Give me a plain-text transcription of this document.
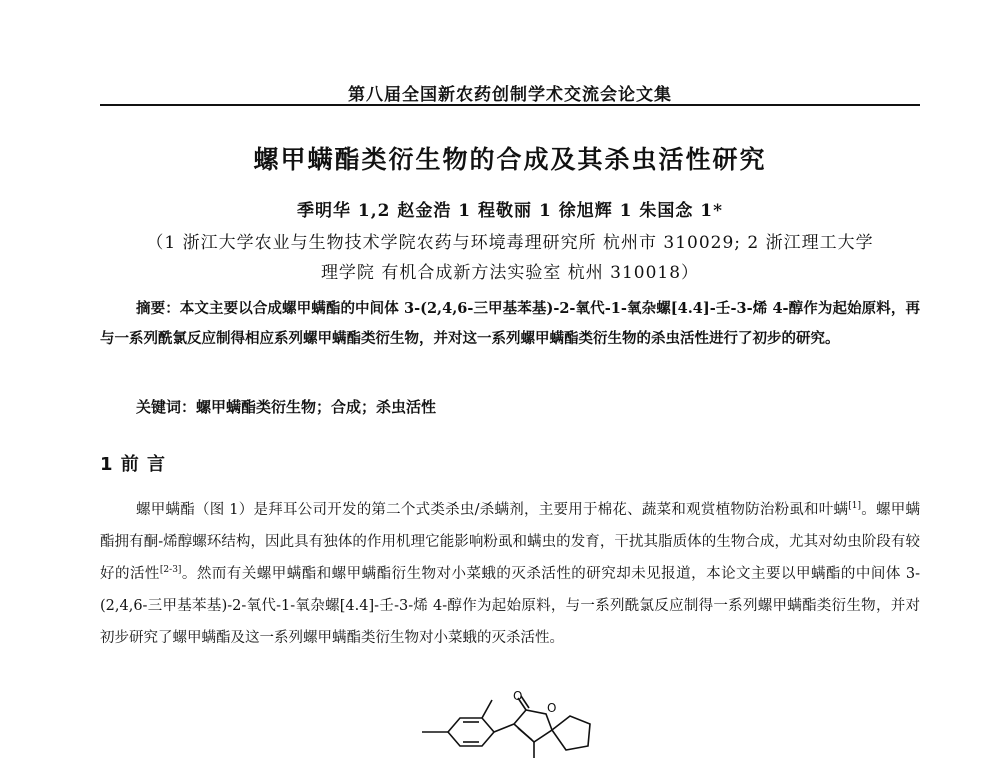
第八届全国新农药创制学术交流会论文集
螺甲螨酯类衍生物的合成及其杀虫活性研究
季明华 1,2 赵金浩 1 程敬丽 1 徐旭辉 1 朱国念 1*
（1 浙江大学农业与生物技术学院农药与环境毒理研究所 杭州市 310029; 2 浙江理工大学
理学院 有机合成新方法实验室 杭州 310018）

摘要：本文主要以合成螺甲螨酯的中间体 3-(2,4,6-三甲基苯基)-2-氧代-1-氧杂螺[4.4]-壬-3-烯 4-醇作为起始原料，再与一系列酰氯反应制得相应系列螺甲螨酯类衍生物，并对这一系列螺甲螨酯类衍生物的杀虫活性进行了初步的研究。

关键词：螺甲螨酯类衍生物；合成；杀虫活性
1 前 言

螺甲螨酯（图 1）是拜耳公司开发的第二个式类杀虫/杀螨剂，主要用于棉花、蔬菜和观赏植物防治粉虱和叶螨[1]。螺甲螨酯拥有酮-烯醇螺环结构，因此具有独体的作用机理它能影响粉虱和螨虫的发育，干扰其脂质体的生物合成，尤其对幼虫阶段有较好的活性[2-3]。然而有关螺甲螨酯和螺甲螨酯衍生物对小菜蛾的灭杀活性的研究却未见报道，本论文主要以甲螨酯的中间体 3-(2,4,6-三甲基苯基)-2-氧代-1-氧杂螺[4.4]-壬-3-烯 4-醇作为起始原料，与一系列酰氯反应制得一系列螺甲螨酯类衍生物，并对初步研究了螺甲螨酯及这一系列螺甲螨酯类衍生物对小菜蛾的灭杀活性。

O
O
